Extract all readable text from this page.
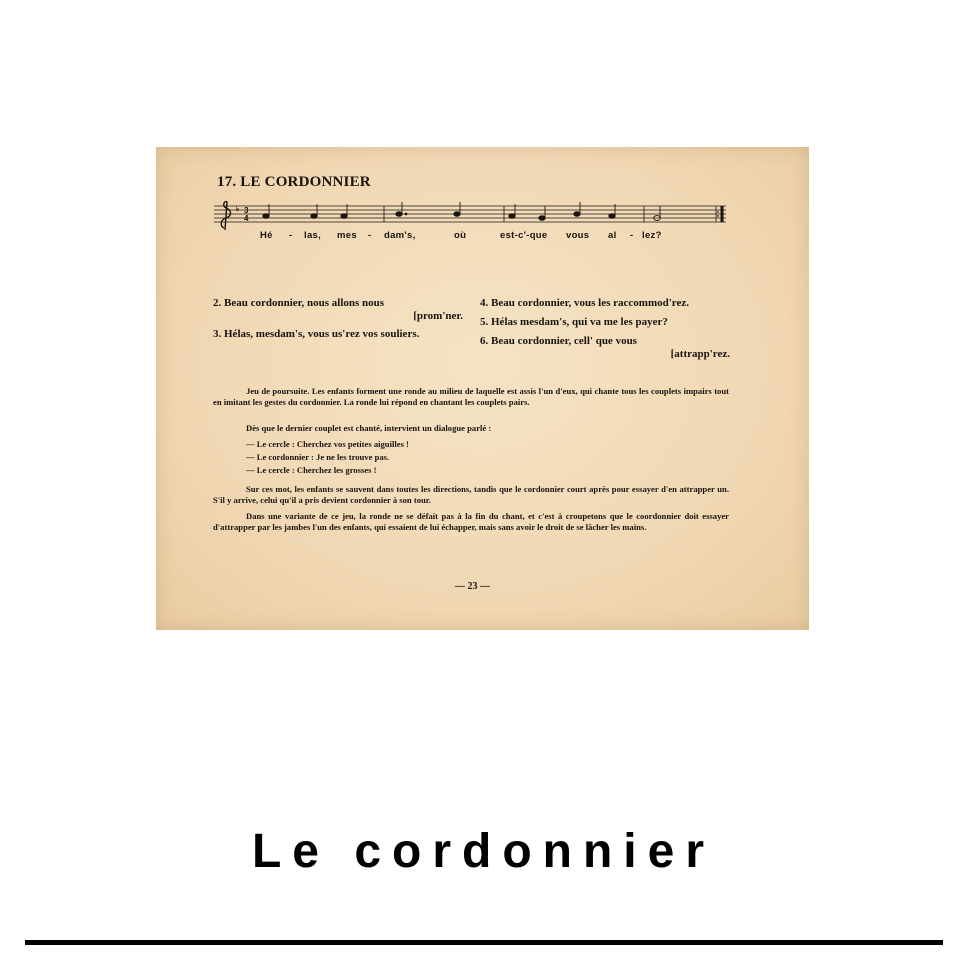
17. LE CORDONNIER
♭ 3
4
Hé - las, mes - dam's,	où	est-c'-que vous al - lez?

2. Beau cordonnier, nous allons nous
[prom'ner.

3. Hélas, mesdam's, vous us'rez vos souliers.

4. Beau cordonnier, vous les raccommod'rez.

5. Hélas mesdam's, qui va me les payer?

6. Beau cordonnier, cell' que vous
[attrapp'rez.

Jeu de poursuite. Les enfants forment une ronde au milieu de laquelle est assis l'un d'eux, qui chante tous les couplets impairs tout en imitant les gestes du cordonnier. La ronde lui répond en chantant les couplets pairs.

Dès que le dernier couplet est chanté, intervient un dialogue parlé :

— Le cercle : Cherchez vos petites aiguilles !

— Le cordonnier : Je ne les trouve pas.

— Le cercle : Cherchez les grosses !

Sur ces mot, les enfants se sauvent dans toutes les directions, tandis que le cordonnier court après pour essayer d'en attrapper un. S'il y arrive, celui qu'il a pris devient cordonnier à son tour.

Dans une variante de ce jeu, la ronde ne se défait pas à la fin du chant, et c'est à croupetons que le coordonnier doit essayer d'attrapper par les jambes l'un des enfants, qui essaient de lui échapper, mais sans avoir le droit de se lâcher les mains.

— 23 —
Le cordonnier
